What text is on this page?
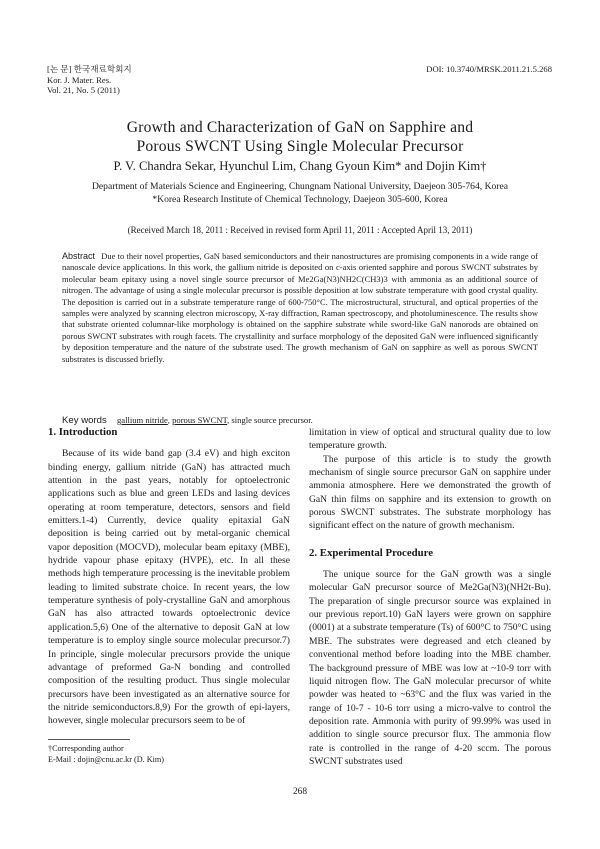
[논 문] 한국재료학회지
Kor. J. Mater. Res.
Vol. 21, No. 5 (2011)
DOI: 10.3740/MRSK.2011.21.5.268
Growth and Characterization of GaN on Sapphire and
Porous SWCNT Using Single Molecular Precursor
P. V. Chandra Sekar, Hyunchul Lim, Chang Gyoun Kim* and Dojin Kim†
Department of Materials Science and Engineering, Chungnam National University, Daejeon 305-764, Korea
*Korea Research Institute of Chemical Technology, Daejeon 305-600, Korea
(Received March 18, 2011 : Received in revised form April 11, 2011 : Accepted April 13, 2011)
Abstract Due to their novel properties, GaN based semiconductors and their nanostructures are promising components in a wide range of nanoscale device applications. In this work, the gallium nitride is deposited on c-axis oriented sapphire and porous SWCNT substrates by molecular beam epitaxy using a novel single source precursor of Me2Ga(N3)NH2C(CH3)3 with ammonia as an additional source of nitrogen. The advantage of using a single molecular precursor is possible deposition at low substrate temperature with good crystal quality. The deposition is carried out in a substrate temperature range of 600-750°C. The microstructural, structural, and optical properties of the samples were analyzed by scanning electron microscopy, X-ray diffraction, Raman spectroscopy, and photoluminescence. The results show that substrate oriented columnar-like morphology is obtained on the sapphire substrate while sword-like GaN nanorods are obtained on porous SWCNT substrates with rough facets. The crystallinity and surface morphology of the deposited GaN were influenced significantly by deposition temperature and the nature of the substrate used. The growth mechanism of GaN on sapphire as well as porous SWCNT substrates is discussed briefly.
Key words gallium nitride, porous SWCNT, single source precursor.
1. Introduction

Because of its wide band gap (3.4 eV) and high exciton binding energy, gallium nitride (GaN) has attracted much attention in the past years, notably for optoelectronic applications such as blue and green LEDs and lasing devices operating at room temperature, detectors, sensors and field emitters.1-4) Currently, device quality epitaxial GaN deposition is being carried out by metal-organic chemical vapor deposition (MOCVD), molecular beam epitaxy (MBE), hydride vapour phase epitaxy (HVPE), etc. In all these methods high temperature processing is the inevitable problem leading to limited substrate choice. In recent years, the low temperature synthesis of poly-crystalline GaN and amorphous GaN has also attracted towards optoelectronic device application.5,6) One of the alternative to deposit GaN at low temperature is to employ single source molecular precursor.7) In principle, single molecular precursors provide the unique advantage of preformed Ga-N bonding and controlled composition of the resulting product. Thus single molecular precursors have been investigated as an alternative source for the nitride semiconductors.8,9) For the growth of epi-layers, however, single molecular precursors seem to be of

limitation in view of optical and structural quality due to low temperature growth.

The purpose of this article is to study the growth mechanism of single source precursor GaN on sapphire under ammonia atmosphere. Here we demonstrated the growth of GaN thin films on sapphire and its extension to growth on porous SWCNT substrates. The substrate morphology has significant effect on the nature of growth mechanism.

2. Experimental Procedure

The unique source for the GaN growth was a single molecular GaN precursor source of Me2Ga(N3)(NH2t-Bu). The preparation of single precursor source was explained in our previous report.10) GaN layers were grown on sapphire (0001) at a substrate temperature (Ts) of 600°C to 750°C using MBE. The substrates were degreased and etch cleaned by conventional method before loading into the MBE chamber. The background pressure of MBE was low at ~10-9 torr with liquid nitrogen flow. The GaN molecular precursor of white powder was heated to ~63°C and the flux was varied in the range of 10-7 - 10-6 torr using a micro-valve to control the deposition rate. Ammonia with purity of 99.99% was used in addition to single source precursor flux. The ammonia flow rate is controlled in the range of 4-20 sccm. The porous SWCNT substrates used

†Corresponding author
E-Mail : dojin@cnu.ac.kr (D. Kim)
268
